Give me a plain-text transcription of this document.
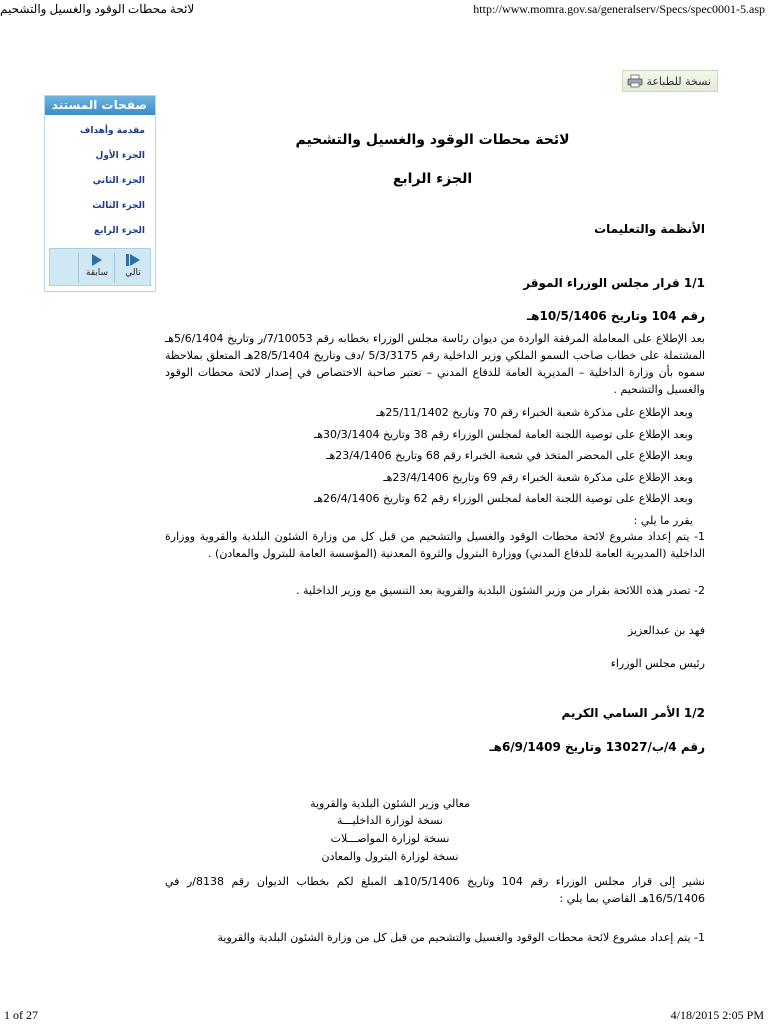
لائحة محطات الوقود والغسيل والتشحيم	http://www.momra.gov.sa/generalserv/Specs/spec0001-5.asp
نسخة للطباعة
صفحات المستند
مقدمة وأهداف
الجزء الأول
الجزء الثاني
الجزء الثالث
الجزء الرابع
تالي
سابقة
لائحة محطات الوقود والغسيل والتشحيم
الجزء الرابع
الأنظمة والتعليمات
1/1 قرار مجلس الوزراء الموقر
رقم 104 وتاريخ 10/5/1406هـ
بعد الإطلاع على المعاملة المرفقة الواردة من ديوان رئاسة مجلس الوزراء بخطابه رقم 7/10053/ر وتاريخ 5/6/1404هـ المشتملة على خطاب صاحب السمو الملكي وزير الداخلية رقم 5/3/3175 /دف وتاريخ 28/5/1404هـ المتعلق بملاحظة سموه بأن وزارة الداخلية – المديرية العامة للدفاع المدني – تعتبر صاحبة الاختصاص في إصدار لائحة محطات الوقود والغسيل والتشحيم .
وبعد الإطلاع على مذكرة شعبة الخبراء رقم 70 وتاريخ 25/11/1402هـ
وبعد الإطلاع على توصية اللجنة العامة لمجلس الوزراء رقم 38 وتاريخ 30/3/1404هـ
وبعد الإطلاع على المحضر المتخذ في شعبة الخبراء رقم 68 وتاريخ 23/4/1406هـ
وبعد الإطلاع على مذكرة شعبة الخبراء رقم 69 وتاريخ 23/4/1406هـ
وبعد الإطلاع على توصية اللجنة العامة لمجلس الوزراء رقم 62 وتاريخ 26/4/1406هـ
يقرر ما يلي :
1- يتم إعداد مشروع لائحة محطات الوقود والغسيل والتشحيم من قبل كل من وزارة الشئون البلدية والقروية ووزارة الداخلية (المديرية العامة للدفاع المدني) ووزارة البترول والثروة المعدنية (المؤسسة العامة للبترول والمعادن) .
2- تصدر هذه اللائحة بقرار من وزير الشئون البلدية والقروية بعد التنسيق مع وزير الداخلية .
فهد بن عبدالعزيز
رئيس مجلس الوزراء
1/2 الأمر السامي الكريم
رقم 4/ب/13027 وتاريخ 6/9/1409هـ
معالي وزير الشئون البلدية والقروية
نسخة لوزارة الداخليـــة
نسخة لوزارة المواصـــلات
نسخة لوزارة البترول والمعادن
نشير إلى قرار مجلس الوزراء رقم 104 وتاريخ 10/5/1406هـ المبلغ لكم بخطاب الديوان رقم 8138/ر في 16/5/1406هـ القاضي بما يلي :
1- يتم إعداد مشروع لائحة محطات الوقود والغسيل والتشحيم من قبل كل من وزارة الشئون البلدية والقروية
1 of 27	4/18/2015 2:05 PM
